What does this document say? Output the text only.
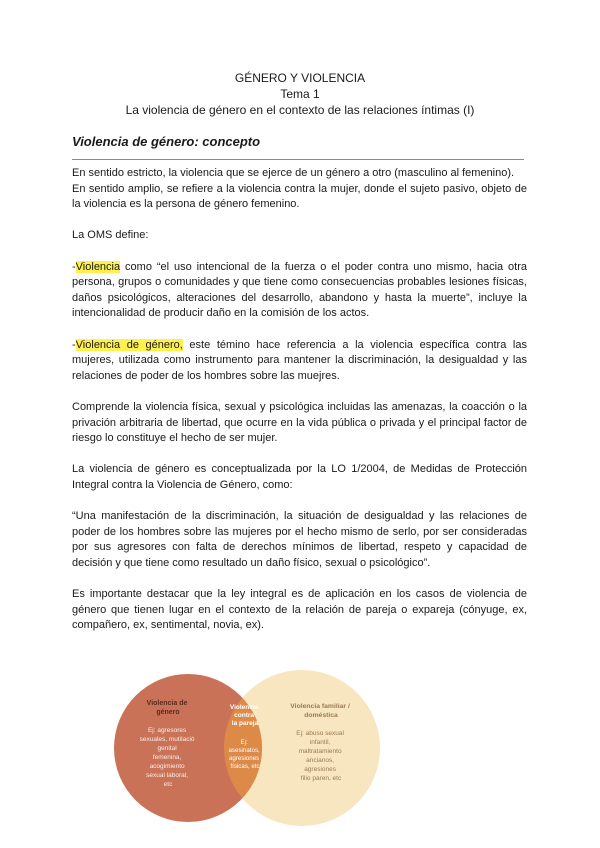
GÉNERO Y VIOLENCIA
Tema 1
La violencia de género en el contexto de las relaciones íntimas (I)
Violencia de género: concepto

En sentido estricto, la violencia que se ejerce de un género a otro (masculino al femenino).

En sentido amplio, se refiere a la violencia contra la mujer, donde el sujeto pasivo, objeto de la violencia es la persona de género femenino.

La OMS define:

-Violencia como “el uso intencional de la fuerza o el poder contra uno mismo, hacia otra persona, grupos o comunidades y que tiene como consecuencias probables lesiones físicas, daños psicológicos, alteraciones del desarrollo, abandono y hasta la muerte”, incluye la intencionalidad de producir daño en la comisión de los actos.

-Violencia de género, este témino hace referencia a la violencia específica contra las mujeres, utilizada como instrumento para mantener la discriminación, la desigualdad y las relaciones de poder de los hombres sobre las muejres.

Comprende la violencia física, sexual y psicológica incluidas las amenazas, la coacción o la privación arbitraria de libertad, que ocurre en la vida pública o privada y el principal factor de riesgo lo constituye el hecho de ser mujer.

La violencia de género es conceptualizada por la LO 1/2004, de Medidas de Protección Integral contra la Violencia de Género, como:

“Una manifestación de la discriminación, la situación de desigualdad y las relaciones de poder de los hombres sobre las mujeres por el hecho mismo de serlo, por ser consideradas por sus agresores con falta de derechos mínimos de libertad, respeto y capacidad de decisión y que tiene como resultado un daño físico, sexual o psicológico”.

Es importante destacar que la ley integral es de aplicación en los casos de violencia de género que tienen lugar en el contexto de la relación de pareja o expareja (cónyuge, ex, compañero, ex, sentimental, novia, ex).

Violencia de género
Ej: agresores sexuales, mutilació genital femenina, acogimiento sexual laboral, etc
Violencia contra la pareja
Ej: asesinatos, agresiones físicas, etc
Violencia familiar / doméstica
Ej: abuso sexual infantil, maltratamiento ancianos, agresiones filio paren, etc
